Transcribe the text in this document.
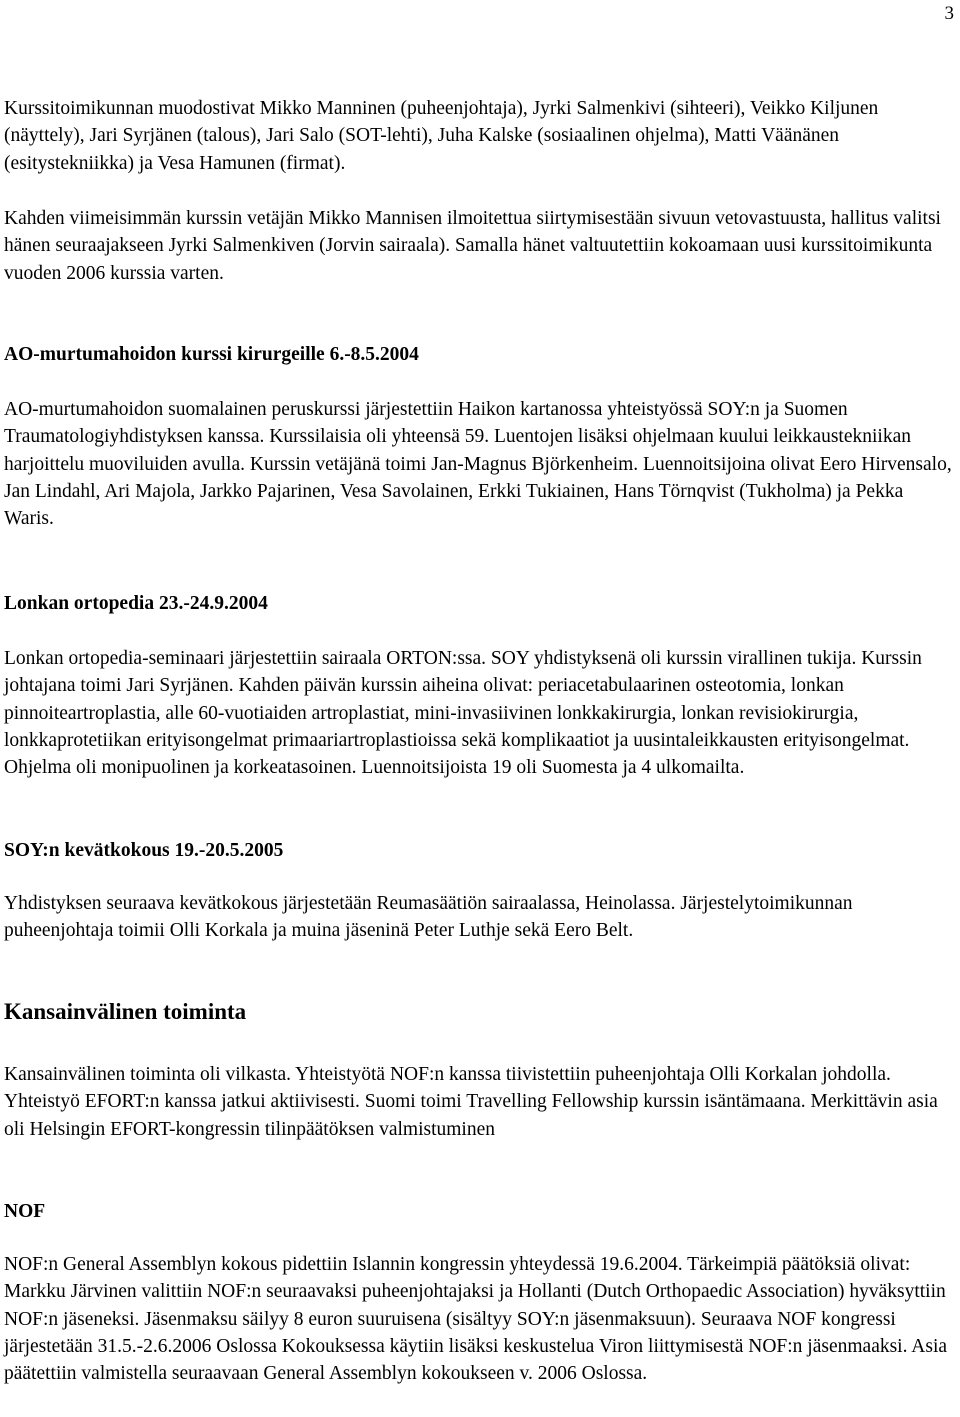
3

Kurssitoimikunnan muodostivat Mikko Manninen (puheenjohtaja), Jyrki Salmenkivi (sihteeri), Veikko Kiljunen (näyttely), Jari Syrjänen (talous), Jari Salo (SOT-lehti), Juha Kalske (sosiaalinen ohjelma), Matti Väänänen (esitystekniikka) ja Vesa Hamunen (firmat).

Kahden viimeisimmän kurssin vetäjän Mikko Mannisen ilmoitettua siirtymisestään sivuun vetovastuusta, hallitus valitsi hänen seuraajakseen Jyrki Salmenkiven (Jorvin sairaala). Samalla hänet valtuutettiin kokoamaan uusi kurssitoimikunta vuoden 2006 kurssia varten.

AO-murtumahoidon kurssi kirurgeille 6.-8.5.2004

AO-murtumahoidon suomalainen peruskurssi järjestettiin Haikon kartanossa yhteistyössä SOY:n ja Suomen Traumatologiyhdistyksen kanssa. Kurssilaisia oli yhteensä 59. Luentojen lisäksi ohjelmaan kuului leikkaustekniikan harjoittelu muoviluiden avulla. Kurssin vetäjänä toimi Jan-Magnus Björkenheim. Luennoitsijoina olivat Eero Hirvensalo, Jan Lindahl, Ari Majola, Jarkko Pajarinen, Vesa Savolainen, Erkki Tukiainen, Hans Törnqvist (Tukholma) ja Pekka Waris.

Lonkan ortopedia 23.-24.9.2004

Lonkan ortopedia-seminaari järjestettiin sairaala ORTON:ssa. SOY yhdistyksenä oli kurssin virallinen tukija. Kurssin johtajana toimi Jari Syrjänen. Kahden päivän kurssin aiheina olivat: periacetabulaarinen osteotomia, lonkan pinnoiteartroplastia, alle 60-vuotiaiden artroplastiat, mini-invasiivinen lonkkakirurgia, lonkan revisiokirurgia, lonkkaprotetiikan erityisongelmat primaariartroplastioissa sekä komplikaatiot ja uusintaleikkausten erityisongelmat. Ohjelma oli monipuolinen ja korkeatasoinen. Luennoitsijoista 19 oli Suomesta ja 4 ulkomailta.

SOY:n kevätkokous 19.-20.5.2005

Yhdistyksen seuraava kevätkokous järjestetään Reumasäätiön sairaalassa, Heinolassa. Järjestelytoimikunnan puheenjohtaja toimii Olli Korkala ja muina jäseninä Peter Luthje sekä Eero Belt.

Kansainvälinen toiminta

Kansainvälinen toiminta oli vilkasta. Yhteistyötä NOF:n kanssa tiivistettiin puheenjohtaja Olli Korkalan johdolla. Yhteistyö EFORT:n kanssa jatkui aktiivisesti. Suomi toimi Travelling Fellowship kurssin isäntämaana. Merkittävin asia oli Helsingin EFORT-kongressin tilinpäätöksen valmistuminen

NOF

NOF:n General Assemblyn kokous pidettiin Islannin kongressin yhteydessä 19.6.2004. Tärkeimpiä päätöksiä olivat: Markku Järvinen valittiin NOF:n seuraavaksi puheenjohtajaksi ja Hollanti (Dutch Orthopaedic Association) hyväksyttiin NOF:n jäseneksi. Jäsenmaksu säilyy 8 euron suuruisena (sisältyy SOY:n jäsenmaksuun). Seuraava NOF kongressi järjestetään 31.5.-2.6.2006 Oslossa Kokouksessa käytiin lisäksi keskustelua Viron liittymisestä NOF:n jäsenmaaksi. Asia päätettiin valmistella seuraavaan General Assemblyn kokoukseen v. 2006 Oslossa.
